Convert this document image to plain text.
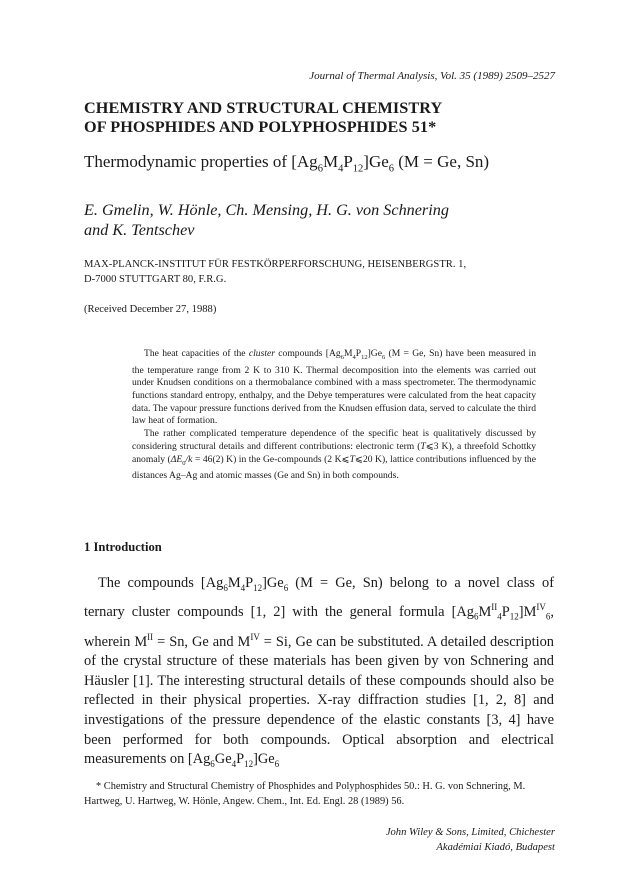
Journal of Thermal Analysis, Vol. 35 (1989) 2509–2527
CHEMISTRY AND STRUCTURAL CHEMISTRY
OF PHOSPHIDES AND POLYPHOSPHIDES 51*
Thermodynamic properties of $[Ag_6M_4P_{12}]Ge_6$ (M = Ge, Sn)
E. Gmelin, W. Hönle, Ch. Mensing, H. G. von Schnering
and K. Tentschev
MAX-PLANCK-INSTITUT FÜR FESTKÖRPERFORSCHUNG, HEISENBERGSTR. 1,
D-7000 STUTTGART 80, F.R.G.
(Received December 27, 1988)

The heat capacities of the cluster compounds $[Ag_6M_4P_{12}]Ge_6$ (M = Ge, Sn) have been measured in the temperature range from 2 K to 310 K. Thermal decomposition into the elements was carried out under Knudsen conditions on a thermobalance combined with a mass spectrometer. The thermodynamic functions standard entropy, enthalpy, and the Debye temperatures were calculated from the heat capacity data. The vapour pressure functions derived from the Knudsen effusion data, served to calculate the third law heat of formation.

The rather complicated temperature dependence of the specific heat is qualitatively discussed by considering structural details and different contributions: electronic term (T⩽3 K), a threefold Schottky anomaly ($\Delta E_0/k = 46(2)$ K) in the Ge-compounds (2 K⩽T⩽20 K), lattice contributions influenced by the distances Ag–Ag and atomic masses (Ge and Sn) in both compounds.

1 Introduction

The compounds $[Ag_6M_4P_{12}]Ge_6$ (M = Ge, Sn) belong to a novel class of ternary cluster compounds [1, 2] with the general formula $[Ag_6M^{II}_4P_{12}]M^{IV}_6$, wherein $M^{II} = Sn$, Ge and $M^{IV} = Si$, Ge can be substituted. A detailed description of the crystal structure of these materials has been given by von Schnering and Häusler [1]. The interesting structural details of these compounds should also be reflected in their physical properties. X-ray diffraction studies [1, 2, 8] and investigations of the pressure dependence of the elastic constants [3, 4] have been performed for both compounds. Optical absorption and electrical measurements on $[Ag_6Ge_4P_{12}]Ge_6$

* Chemistry and Structural Chemistry of Phosphides and Polyphosphides 50.: H. G. von Schnering, M. Hartweg, U. Hartweg, W. Hönle, Angew. Chem., Int. Ed. Engl. 28 (1989) 56.

John Wiley & Sons, Limited, Chichester
Akadémiai Kiadó, Budapest
